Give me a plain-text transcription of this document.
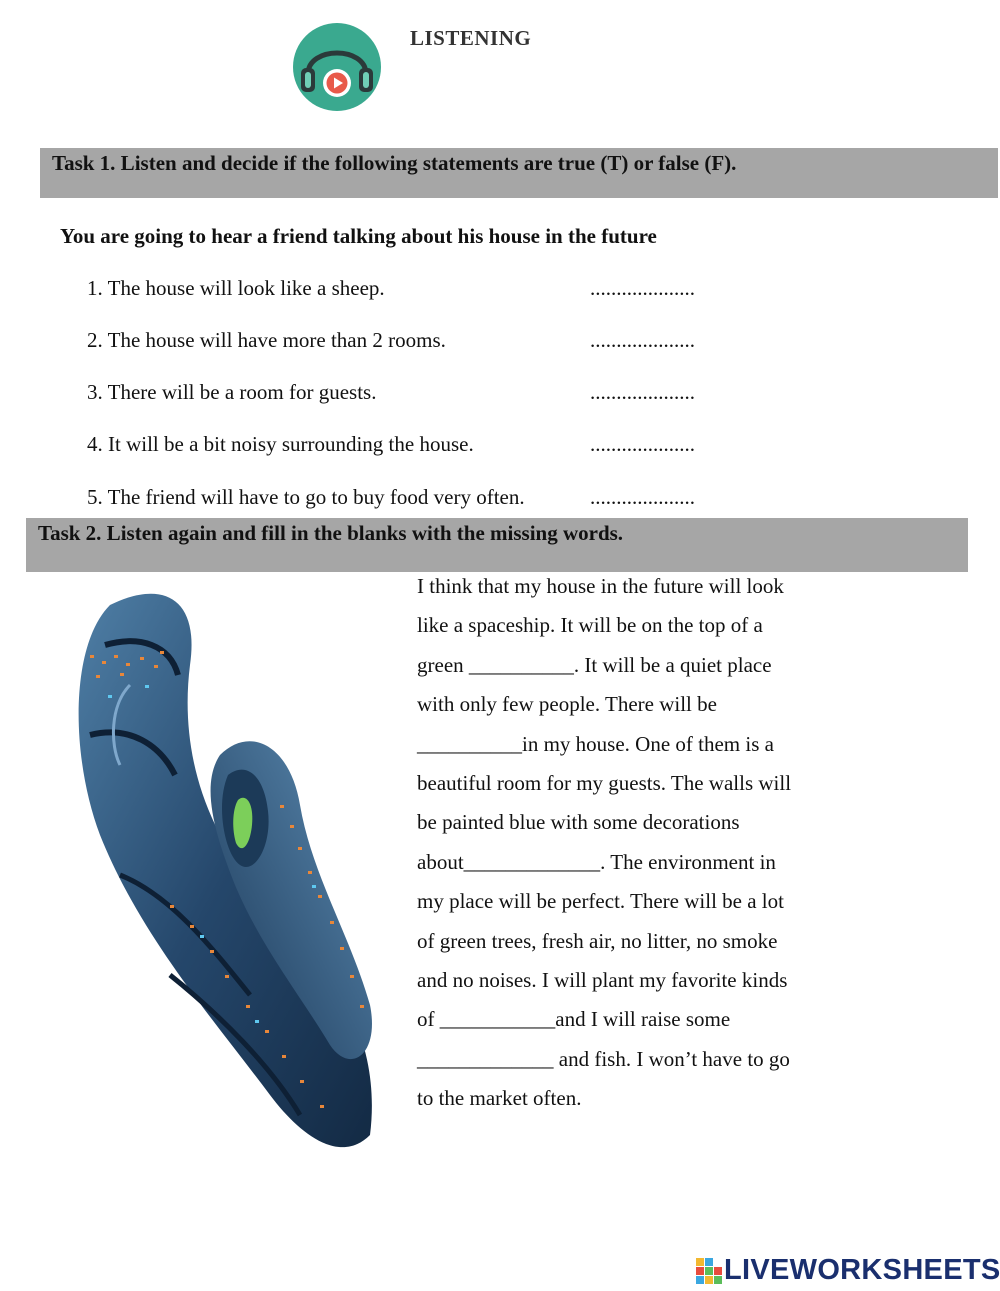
...
LISTENING
Task 1. Listen and decide if the following statements are true (T) or false (F).
You are going to hear a friend talking about his house in the future
1. The house will look like a sheep.	....................
2. The house will have more than 2 rooms.	....................
3. There will be a room for guests.	....................
4. It will be a bit noisy surrounding the house.	....................
5. The friend will have to go to buy food very often.	....................
Task 2. Listen again and fill in the blanks with the missing words.
I think that my house in the future will look
like a spaceship. It will be on the top of a
green __________. It will be a quiet place
with only few people. There will be
__________in my house. One of them is a
beautiful room for my guests. The walls will
be painted blue with some decorations
about_____________. The environment in
my place will be perfect. There will be a lot
of green trees, fresh air, no litter, no smoke
and no noises. I will plant my favorite kinds
of ___________and I will raise some
_____________ and fish. I won’t have to go
to the market often.
LIVEWORKSHEETS
